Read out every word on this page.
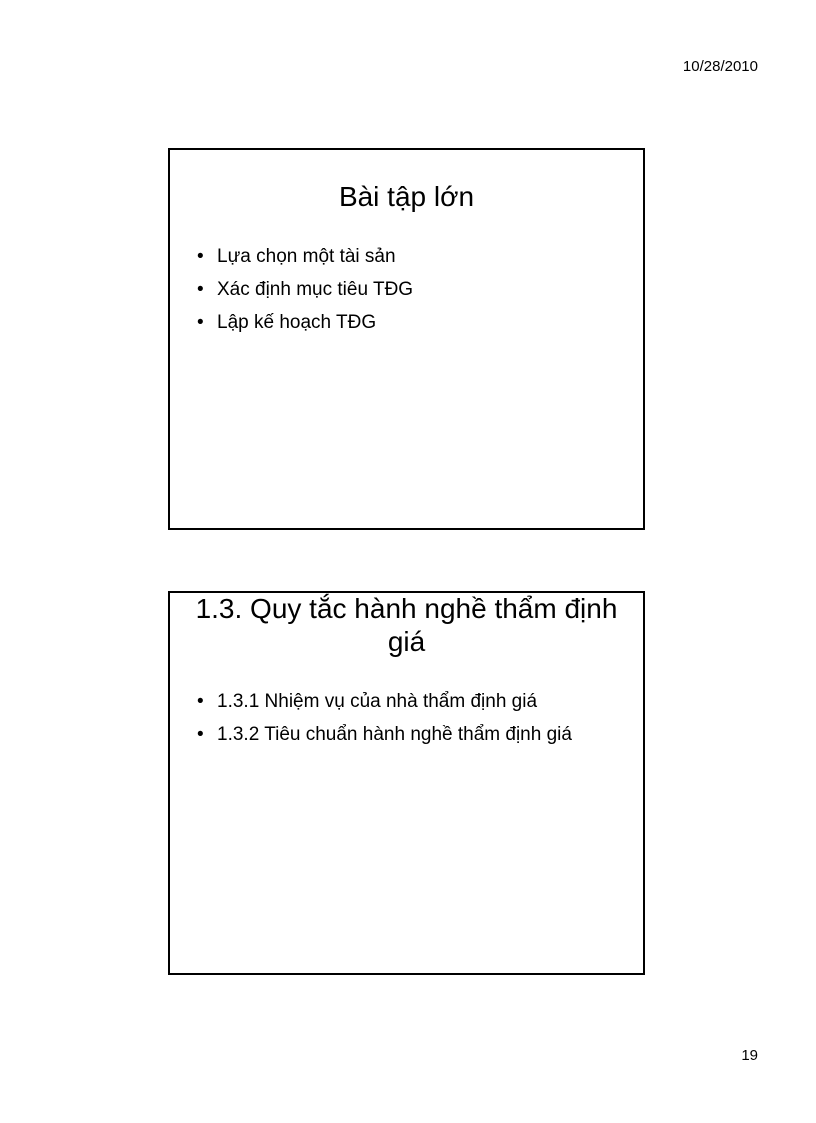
10/28/2010
Bài tập lớn
• Lựa chọn một tài sản
• Xác định mục tiêu TĐG
• Lập kế hoạch TĐG
1.3. Quy tắc hành nghề thẩm định
giá
• 1.3.1 Nhiệm vụ của nhà thẩm định giá
• 1.3.2 Tiêu chuẩn hành nghề thẩm định giá
19
